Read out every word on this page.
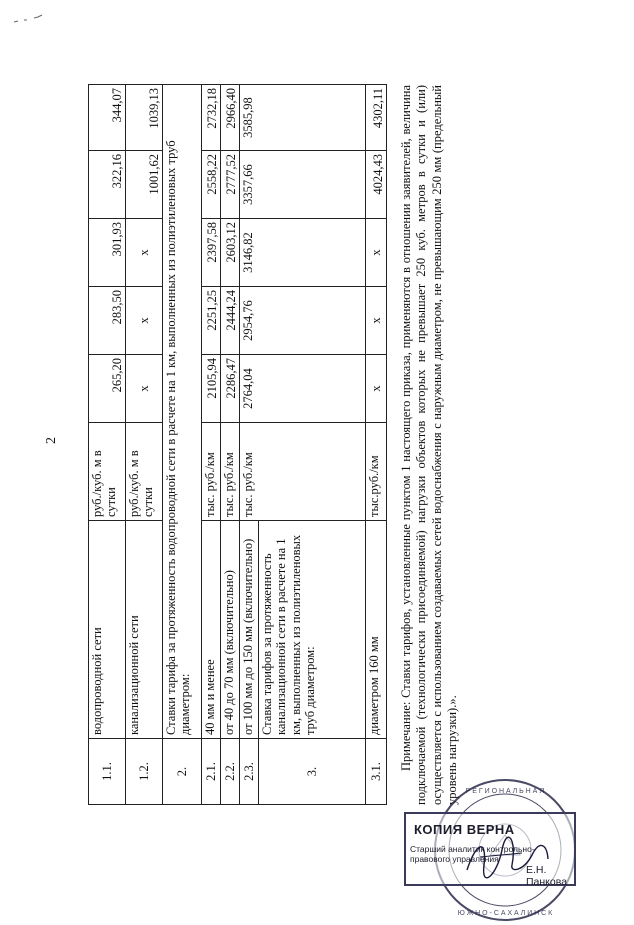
2
1.1.	водопроводной сети	руб./куб. м в сутки	265,20	283,50	301,93	322,16	344,07
1.2.	канализационной сети	руб./куб. м в сутки	х	х	х	1001,62	1039,13
2.	Ставки тарифа за протяженность водопроводной сети в расчете на 1 км, выполненных из полиэтиленовых труб диаметром:						
2.1.	40 мм и менее	тыс. руб./км	2105,94	2251,25	2397,58	2558,22	2732,18
2.2.	от 40 до 70 мм (включительно)	тыс. руб./км	2286,47	2444,24	2603,12	2777,52	2966,40
2.3.	от 100 мм до 150 мм (включительно)	тыс. руб./км	2764,04	2954,76	3146,82	3357,66	3585,98
3.	Ставка тарифов за протяженность канализационной сети в расчете на 1 км, выполненных из полиэтиленовых труб диаметром:						
3.1.	диаметром 160 мм	тыс.руб./км	х	х	х	4024,43	4302,11 Примечание: Ставки тарифов, установленные пунктом 1 настоящего приказа, применяются в отношении заявителей, величина подключаемой (технологически присоединяемой) нагрузки объектов которых не превышает 250 куб. метров в сутки и (или) осуществляется с использованием создаваемых сетей водоснабжения с наружным диаметром, не превышающим 250 мм (предельный уровень нагрузки).». Р Е Г И О Н А Л Ь Н А Я
Ю Ж Н О - С А Х А Л И Н С К
КОПИЯ ВЕРНА
Старший аналитик контрольно-правового управления
Е.Н. Панкова
